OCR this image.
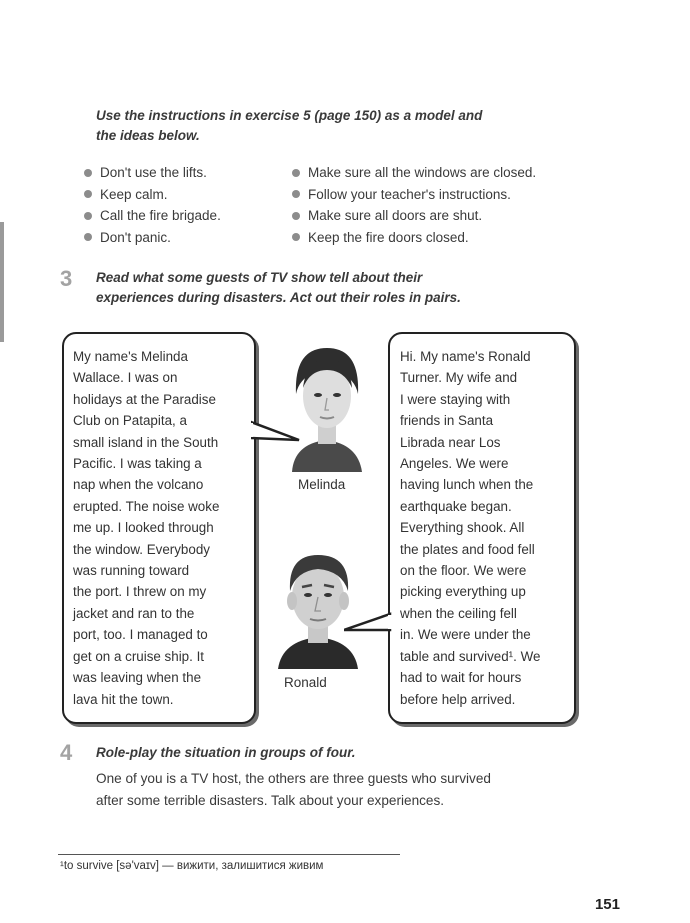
Use the instructions in exercise 5 (page 150) as a model and
the ideas below.
Don't use the lifts.
Keep calm.
Call the fire brigade.
Don't panic.
Make sure all the windows are closed.
Follow your teacher's instructions.
Make sure all doors are shut.
Keep the fire doors closed.
3 Read what some guests of TV show tell about their
experiences during disasters. Act out their roles in pairs.
My name's Melinda
Wallace. I was on
holidays at the Paradise
Club on Patapita, a
small island in the South
Pacific. I was taking a
nap when the volcano
erupted. The noise woke
me up. I looked through
the window. Everybody
was running toward
the port. I threw on my
jacket and ran to the
port, too. I managed to
get on a cruise ship. It
was leaving when the
lava hit the town.
Hi. My name's Ronald
Turner. My wife and
I were staying with
friends in Santa
Librada near Los
Angeles. We were
having lunch when the
earthquake began.
Everything shook. All
the plates and food fell
on the floor. We were
picking everything up
when the ceiling fell
in. We were under the
table and survived¹. We
had to wait for hours
before help arrived.
Melinda
Ronald
4 Role-play the situation in groups of four.
One of you is a TV host, the others are three guests who survived
after some terrible disasters. Talk about your experiences.
¹to survive [sə'vaɪv] — вижити, залишитися живим
151
